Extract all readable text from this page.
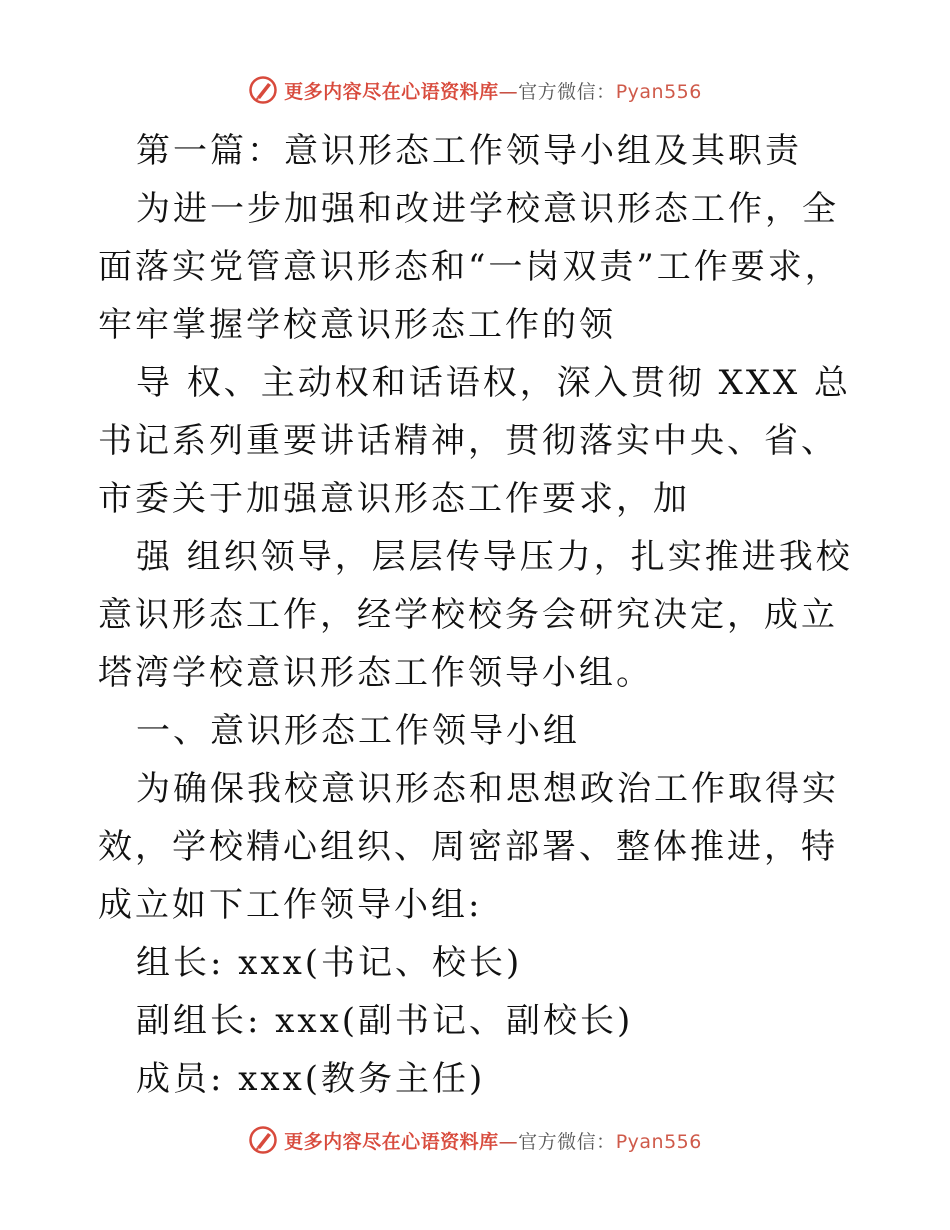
更多内容尽在心语资料库—官方微信：Pyan556

第一篇：意识形态工作领导小组及其职责

为进一步加强和改进学校意识形态工作，全面落实党管意识形态和“一岗双责”工作要求，牢牢掌握学校意识形态工作的领

导 权、主动权和话语权，深入贯彻 XXX 总书记系列重要讲话精神，贯彻落实中央、省、市委关于加强意识形态工作要求，加

强 组织领导，层层传导压力，扎实推进我校意识形态工作，经学校校务会研究决定，成立塔湾学校意识形态工作领导小组。

一、意识形态工作领导小组

为确保我校意识形态和思想政治工作取得实效，学校精心组织、周密部署、整体推进，特成立如下工作领导小组:

组长: xxx(书记、校长)

副组长: xxx(副书记、副校长)

成员: xxx(教务主任)

更多内容尽在心语资料库—官方微信：Pyan556
